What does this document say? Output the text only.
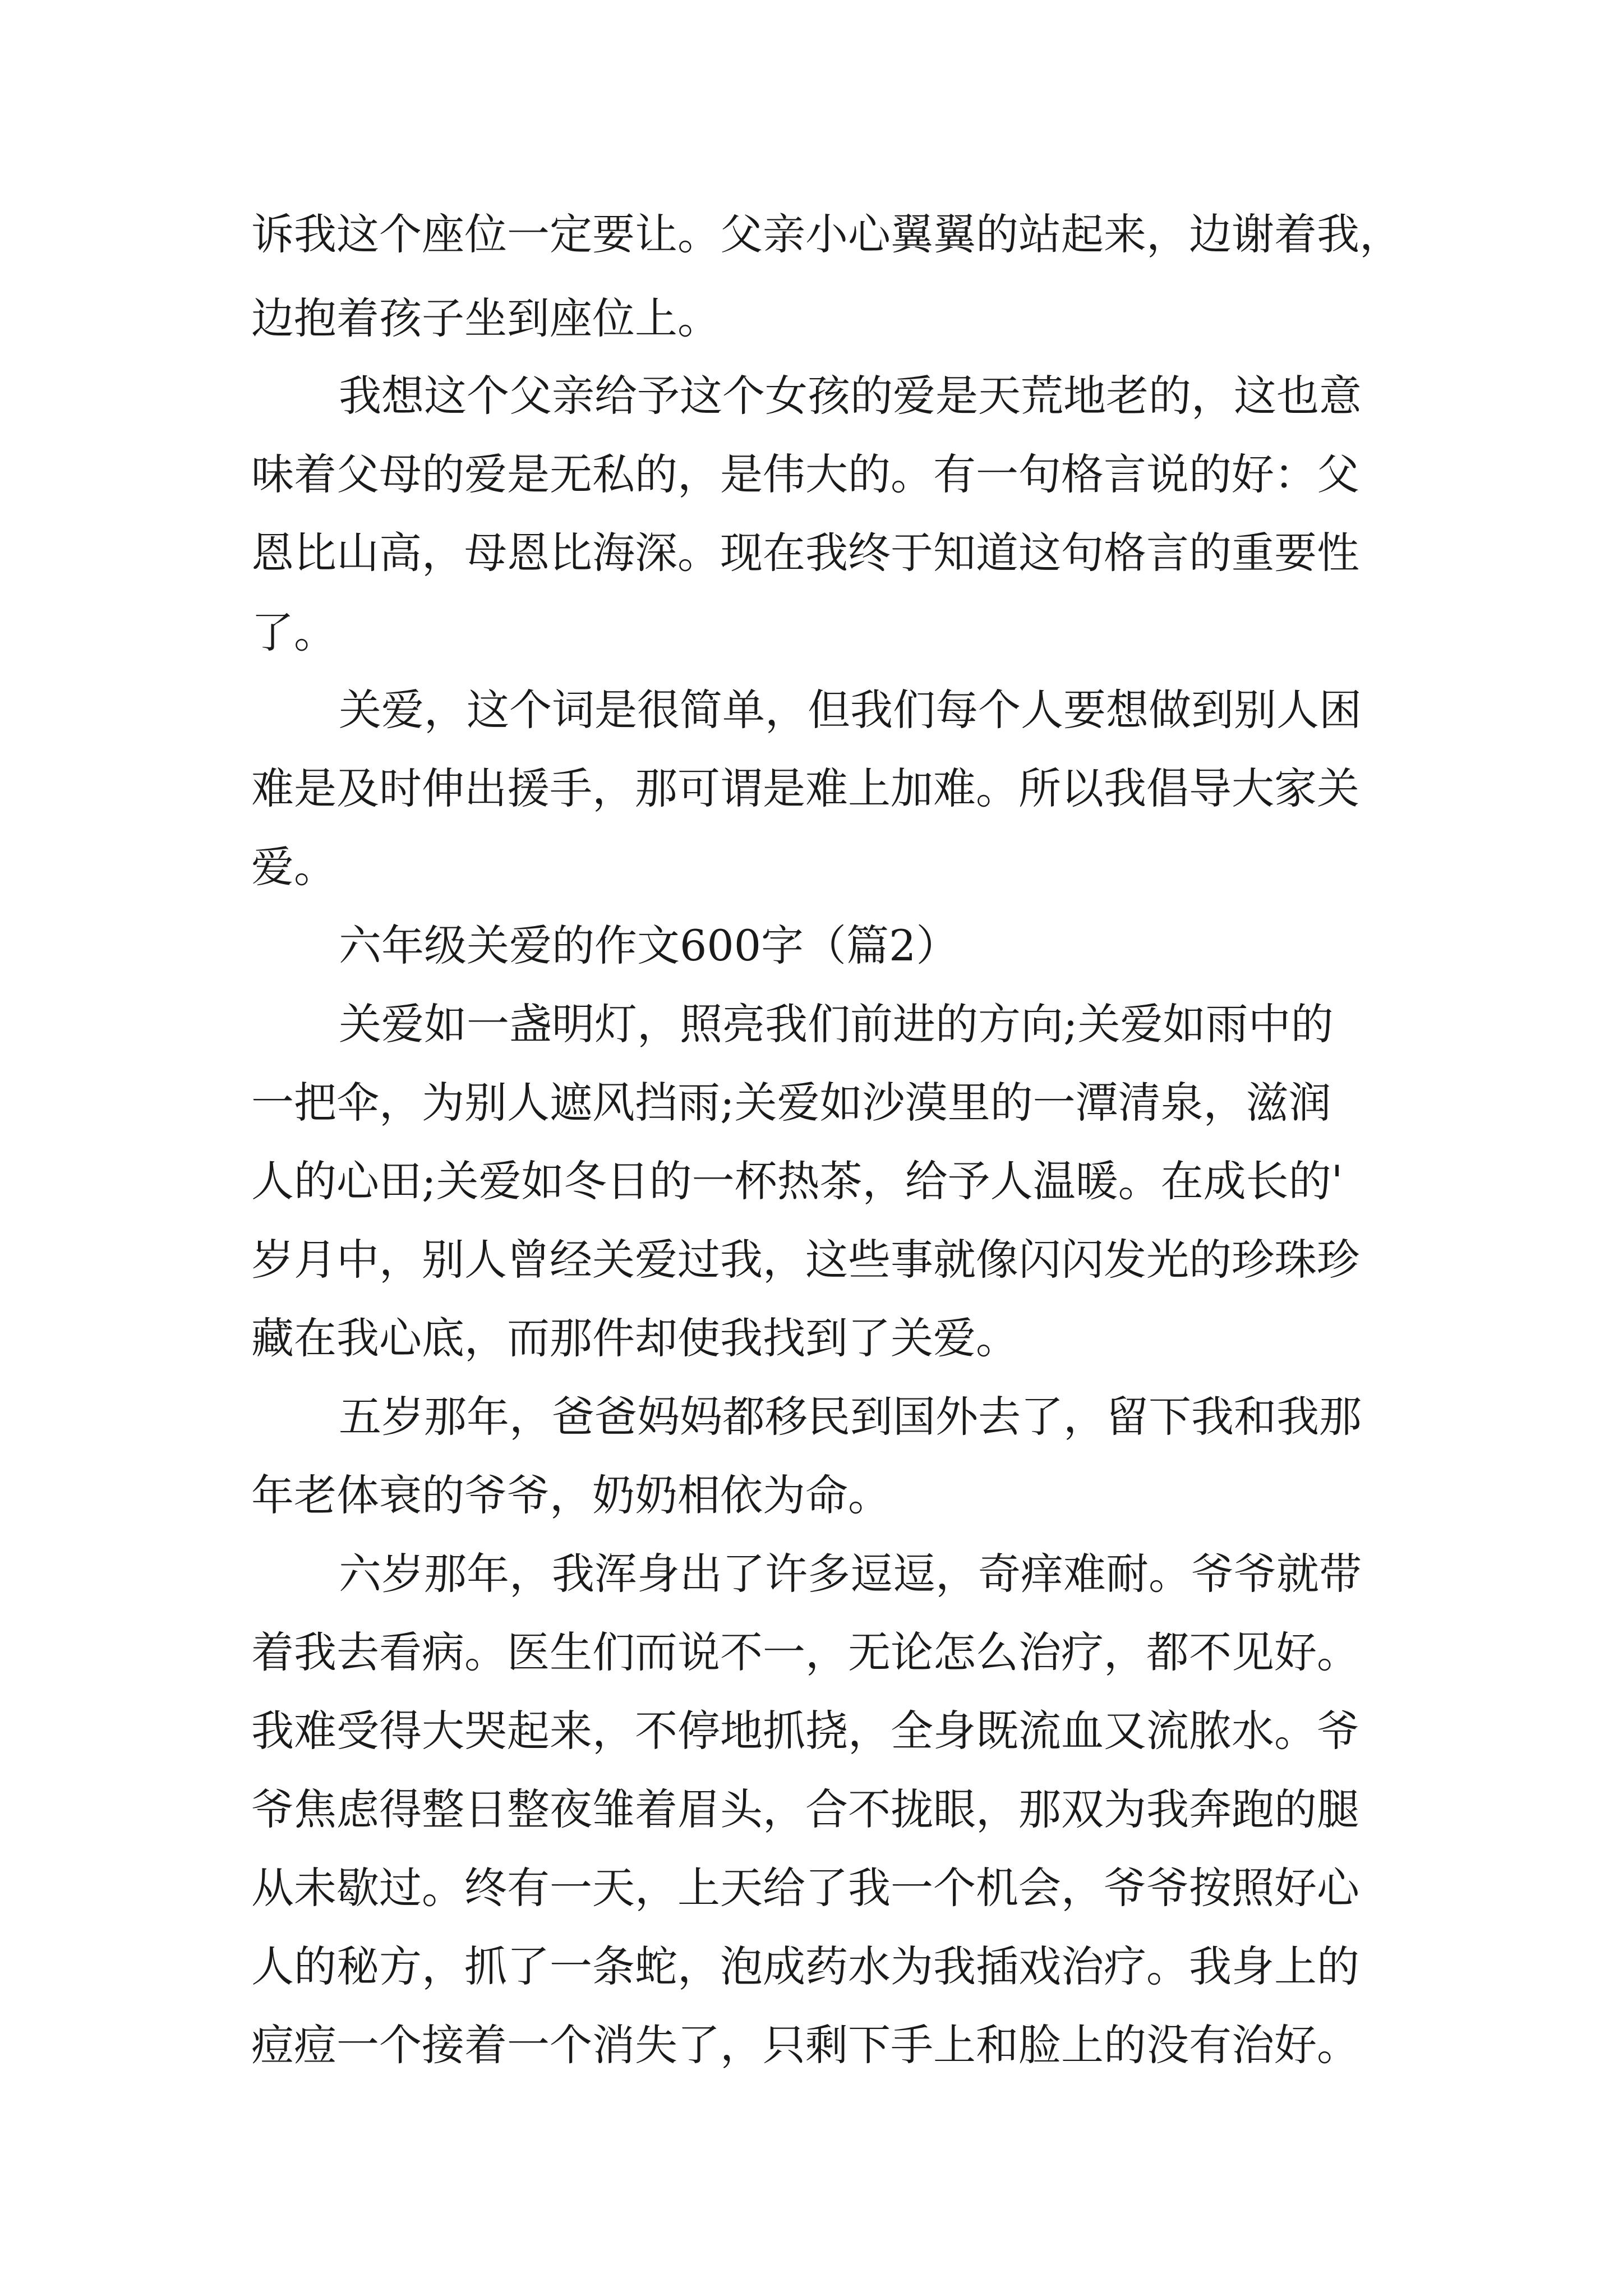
诉我这个座位一定要让。父亲小心翼翼的站起来，边谢着我，

边抱着孩子坐到座位上。

我想这个父亲给予这个女孩的爱是天荒地老的，这也意

味着父母的爱是无私的，是伟大的。有一句格言说的好：父

恩比山高，母恩比海深。现在我终于知道这句格言的重要性

了。

关爱，这个词是很简单，但我们每个人要想做到别人困

难是及时伸出援手，那可谓是难上加难。所以我倡导大家关

爱。

六年级关爱的作文600字（篇2）

关爱如一盏明灯，照亮我们前进的方向;关爱如雨中的

一把伞，为别人遮风挡雨;关爱如沙漠里的一潭清泉，滋润

人的心田;关爱如冬日的一杯热茶，给予人温暖。在成长的'

岁月中，别人曾经关爱过我，这些事就像闪闪发光的珍珠珍

藏在我心底，而那件却使我找到了关爱。

五岁那年，爸爸妈妈都移民到国外去了，留下我和我那

年老体衰的爷爷，奶奶相依为命。

六岁那年，我浑身出了许多逗逗，奇痒难耐。爷爷就带

着我去看病。医生们而说不一，无论怎么治疗，都不见好。

我难受得大哭起来，不停地抓挠，全身既流血又流脓水。爷

爷焦虑得整日整夜雏着眉头，合不拢眼，那双为我奔跑的腿

从未歇过。终有一天，上天给了我一个机会，爷爷按照好心

人的秘方，抓了一条蛇，泡成药水为我插戏治疗。我身上的

痘痘一个接着一个消失了，只剩下手上和脸上的没有治好。
